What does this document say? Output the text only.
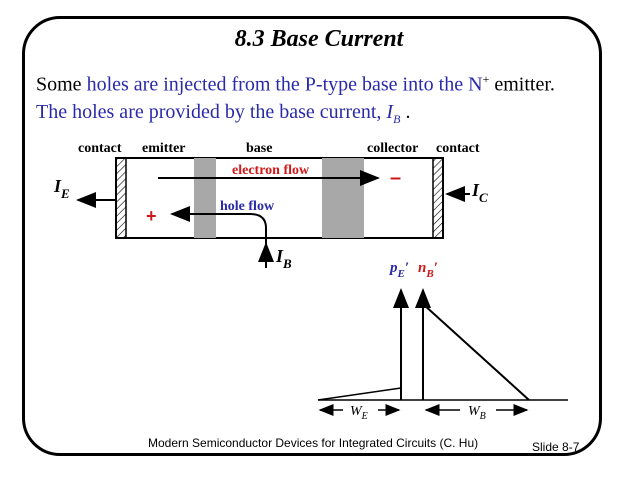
8.3 Base Current
Some holes are injected from the P-type base into the N+ emitter.
The holes are provided by the base current, $I_B$ .
contact emitter	base	collector contact
electron flow	–
hole flow
+
$I_B$
$I_E$	$I_C$
$p_E'$ $n_B'$
$W_E$	$W_B$
Modern Semiconductor Devices for Integrated Circuits (C. Hu)	Slide 8-7
